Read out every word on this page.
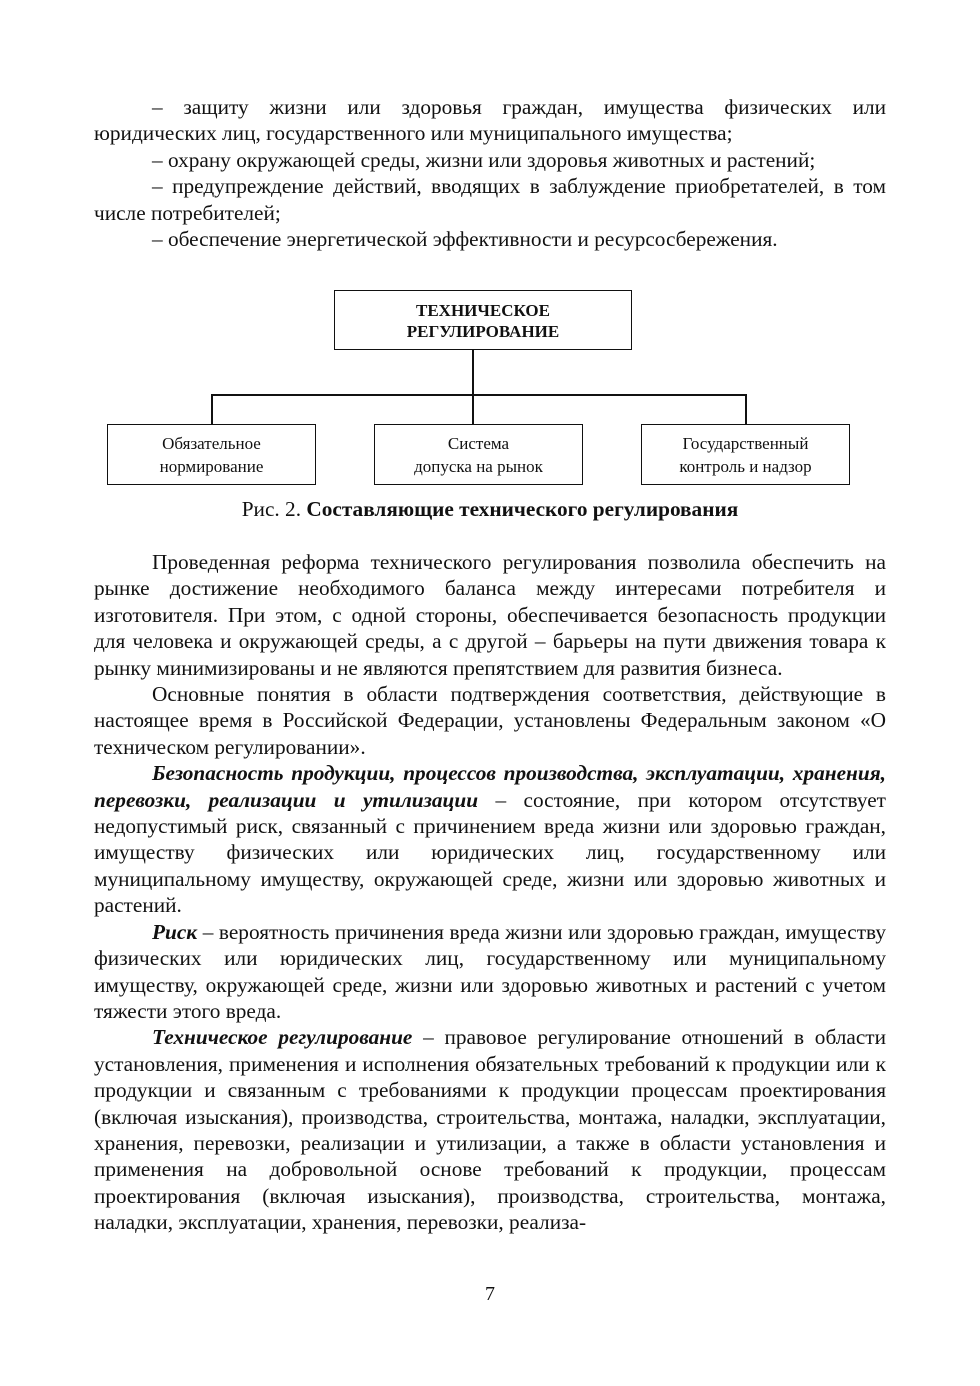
– защиту жизни или здоровья граждан, имущества физических или юридических лиц, государственного или муниципального имущества;

– охрану окружающей среды, жизни или здоровья животных и растений;

– предупреждение действий, вводящих в заблуждение приобретателей, в том числе потребителей;

– обеспечение энергетической эффективности и ресурсосбережения.

ТЕХНИЧЕСКОЕ
РЕГУЛИРОВАНИЕ
Обязательное
нормирование
Система
допуска на рынок
Государственный
контроль и надзор
Рис. 2. Составляющие технического регулирования

Проведенная реформа технического регулирования позволила обеспечить на рынке достижение необходимого баланса между интересами потребителя и изготовителя. При этом, с одной стороны, обеспечивается безопасность продукции для человека и окружающей среды, а с другой – барьеры на пути движения товара к рынку минимизированы и не являются препятствием для развития бизнеса.

Основные понятия в области подтверждения соответствия, действующие в настоящее время в Российской Федерации, установлены Федеральным законом «О техническом регулировании».

Безопасность продукции, процессов производства, эксплуатации, хранения, перевозки, реализации и утилизации – состояние, при котором отсутствует недопустимый риск, связанный с причинением вреда жизни или здоровью граждан, имуществу физических или юридических лиц, государственному или муниципальному имуществу, окружающей среде, жизни или здоровью животных и растений.

Риск – вероятность причинения вреда жизни или здоровью граждан, имуществу физических или юридических лиц, государственному или муниципальному имуществу, окружающей среде, жизни или здоровью животных и растений с учетом тяжести этого вреда.

Техническое регулирование – правовое регулирование отношений в области установления, применения и исполнения обязательных требований к продукции или к продукции и связанным с требованиями к продукции процессам проектирования (включая изыскания), производства, строительства, монтажа, наладки, эксплуатации, хранения, перевозки, реализации и утилизации, а также в области установления и применения на добровольной основе требований к продукции, процессам проектирования (включая изыскания), производства, строительства, монтажа, наладки, эксплуатации, хранения, перевозки, реализа-

7
